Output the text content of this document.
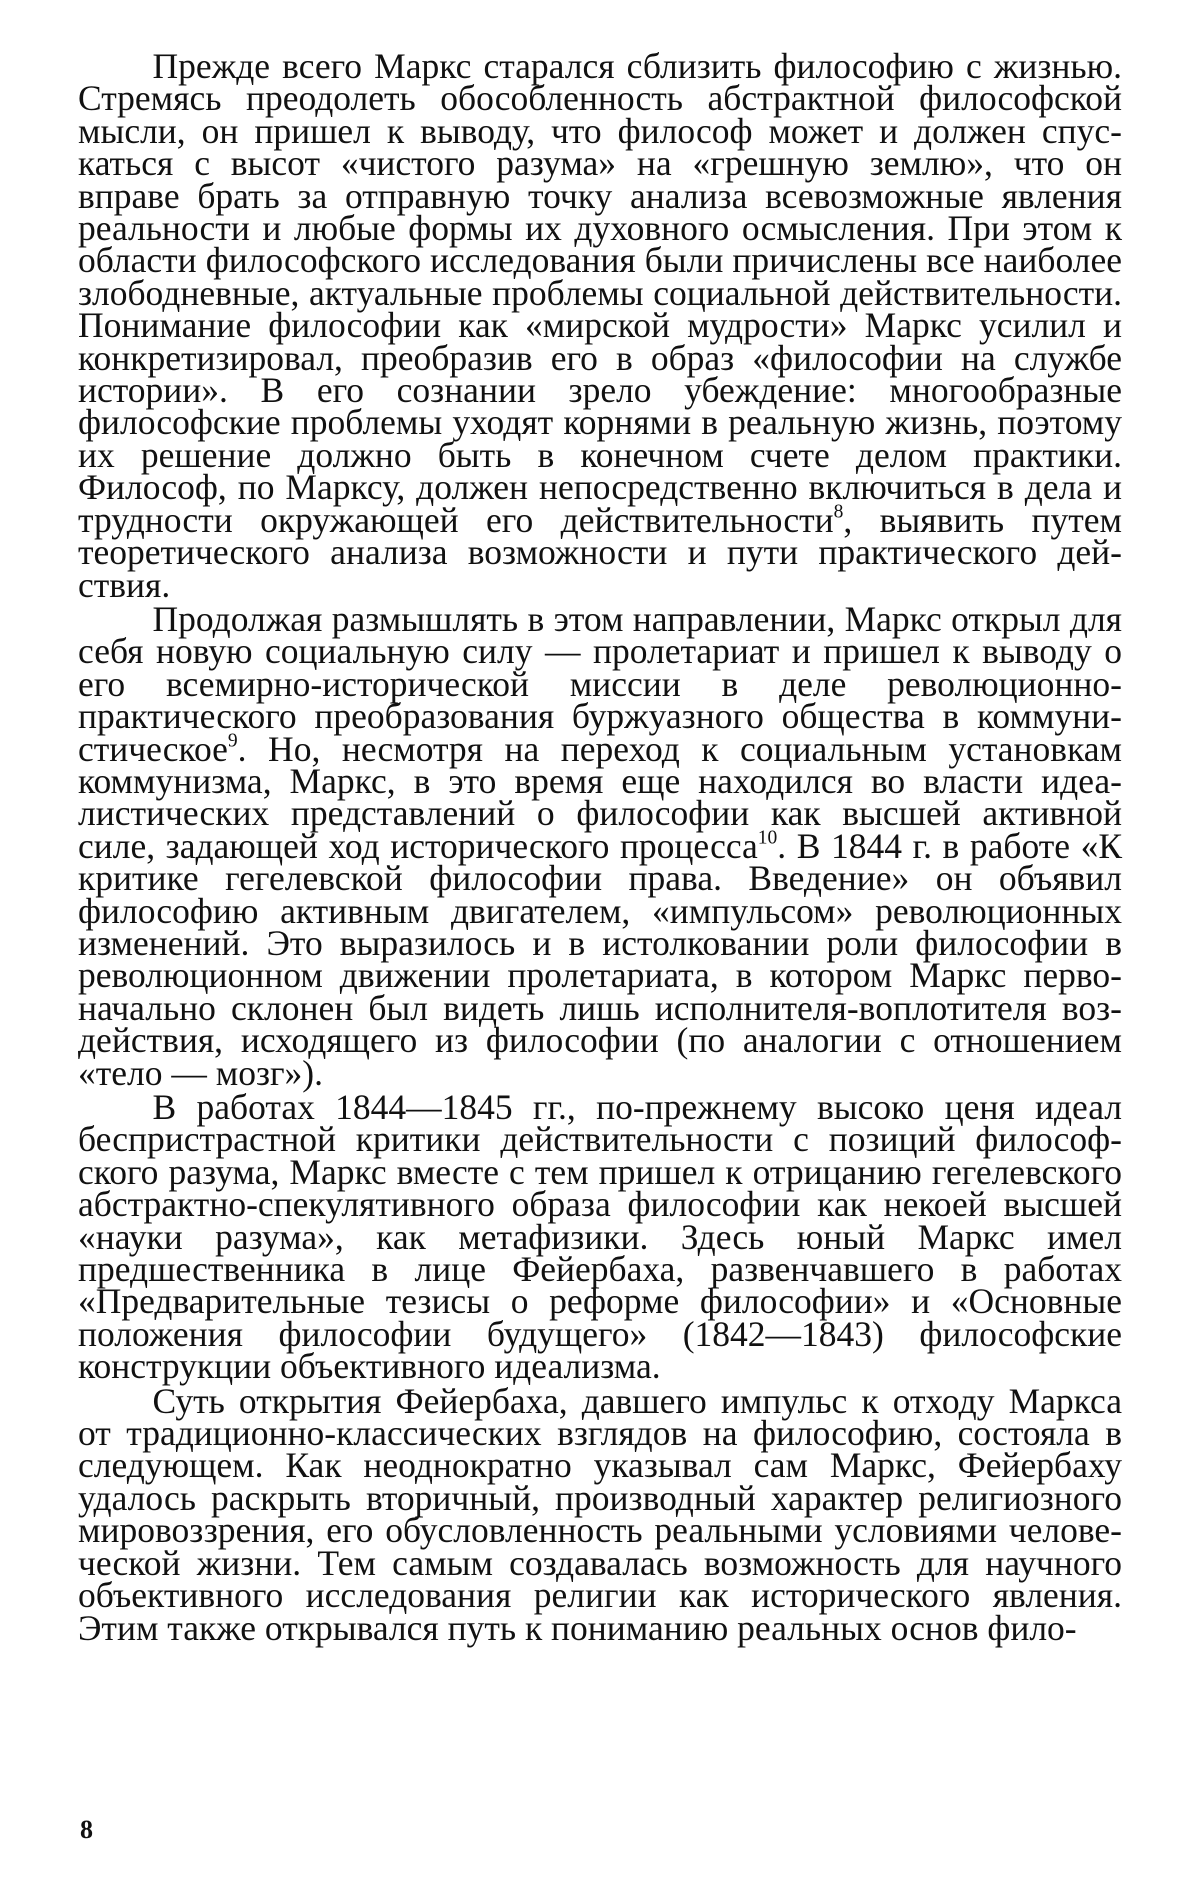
Прежде всего Маркс старался сблизить философию с жизнью. Стремясь преодолеть обособленность абстрактной философской мысли, он пришел к выводу, что философ может и должен спускаться с высот «чистого разума» на «грешную землю», что он вправе брать за отправную точку анализа всевозможные явления реальности и любые формы их духовного осмысления. При этом к области философского исследования были причислены все наиболее злободневные, актуальные проблемы социальной действительности. Понимание философии как «мирской мудрости» Маркс усилил и конкретизировал, преобразив его в образ «философии на службе истории». В его сознании зрело убеждение: многообразные философские проблемы уходят корнями в реальную жизнь, поэтому их решение должно быть в конечном счете делом практики. Философ, по Марксу, должен непосредственно включиться в дела и трудности окружающей его действительности$^8$, выявить путем теоретического анализа возможности и пути практического действия.

Продолжая размышлять в этом направлении, Маркс открыл для себя новую социальную силу — пролетариат и пришел к выводу о его всемирно-исторической миссии в деле революционно-практического преобразования буржуазного общества в коммунистическое$^9$. Но, несмотря на переход к социальным установкам коммунизма, Маркс, в это время еще находился во власти идеалистических представлений о философии как высшей активной силе, задающей ход исторического процесса$^{10}$. В 1844 г. в работе «К критике гегелевской философии права. Введение» он объявил философию активным двигателем, «импульсом» революционных изменений. Это выразилось и в истолковании роли философии в революционном движении пролетариата, в котором Маркс первоначально склонен был видеть лишь исполнителя-воплотителя воздействия, исходящего из философии (по аналогии с отношением «тело — мозг»).

В работах 1844—1845 гг., по-прежнему высоко ценя идеал беспристрастной критики действительности с позиций философского разума, Маркс вместе с тем пришел к отрицанию гегелевского абстрактно-спекулятивного образа философии как некоей высшей «науки разума», как метафизики. Здесь юный Маркс имел предшественника в лице Фейербаха, развенчавшего в работах «Предварительные тезисы о реформе философии» и «Основные положения философии будущего» (1842—1843) философские конструкции объективного идеализма.

Суть открытия Фейербаха, давшего импульс к отходу Маркса от традиционно-классических взглядов на философию, состояла в следующем. Как неоднократно указывал сам Маркс, Фейербаху удалось раскрыть вторичный, производный характер религиозного мировоззрения, его обусловленность реальными условиями человеческой жизни. Тем самым создавалась возможность для научного объективного исследования религии как исторического явления. Этим также открывался путь к пониманию реальных основ фило-

8
